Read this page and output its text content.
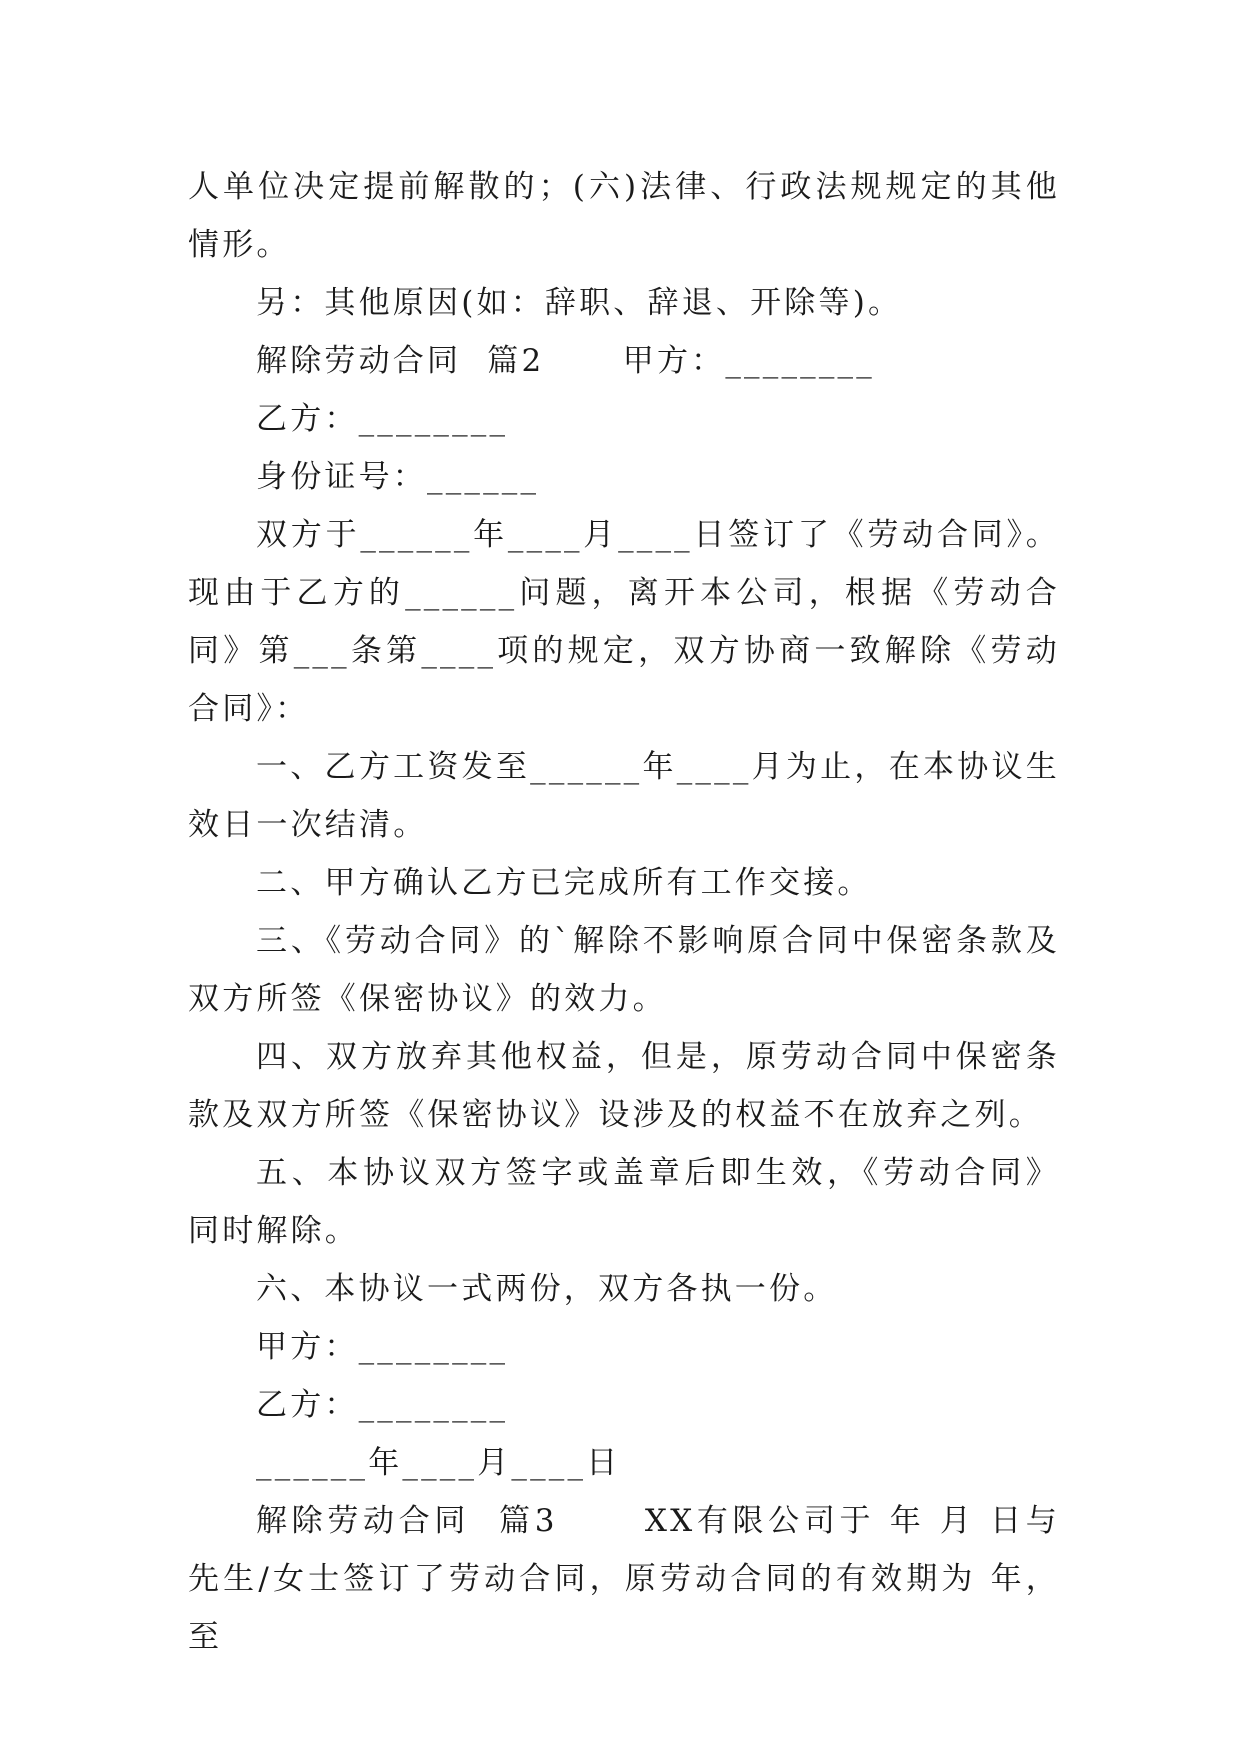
人单位决定提前解散的；(六)法律、行政法规规定的其他情形。

另：其他原因(如：辞职、辞退、开除等)。

解除劳动合同  篇2      甲方：________

乙方：________

身份证号：______

双方于______年____月____日签订了《劳动合同》。现由于乙方的______问题，离开本公司，根据《劳动合同》第___条第____项的规定，双方协商一致解除《劳动合同》：

一、乙方工资发至______年____月为止，在本协议生效日一次结清。

二、甲方确认乙方已完成所有工作交接。

三、《劳动合同》的`解除不影响原合同中保密条款及双方所签《保密协议》的效力。

四、双方放弃其他权益，但是，原劳动合同中保密条款及双方所签《保密协议》设涉及的权益不在放弃之列。

五、本协议双方签字或盖章后即生效，《劳动合同》同时解除。

六、本协议一式两份，双方各执一份。

甲方：________

乙方：________

______年____月____日

解除劳动合同  篇3      XX有限公司于 年 月 日与 先生/女士签订了劳动合同，原劳动合同的有效期为 年，至
